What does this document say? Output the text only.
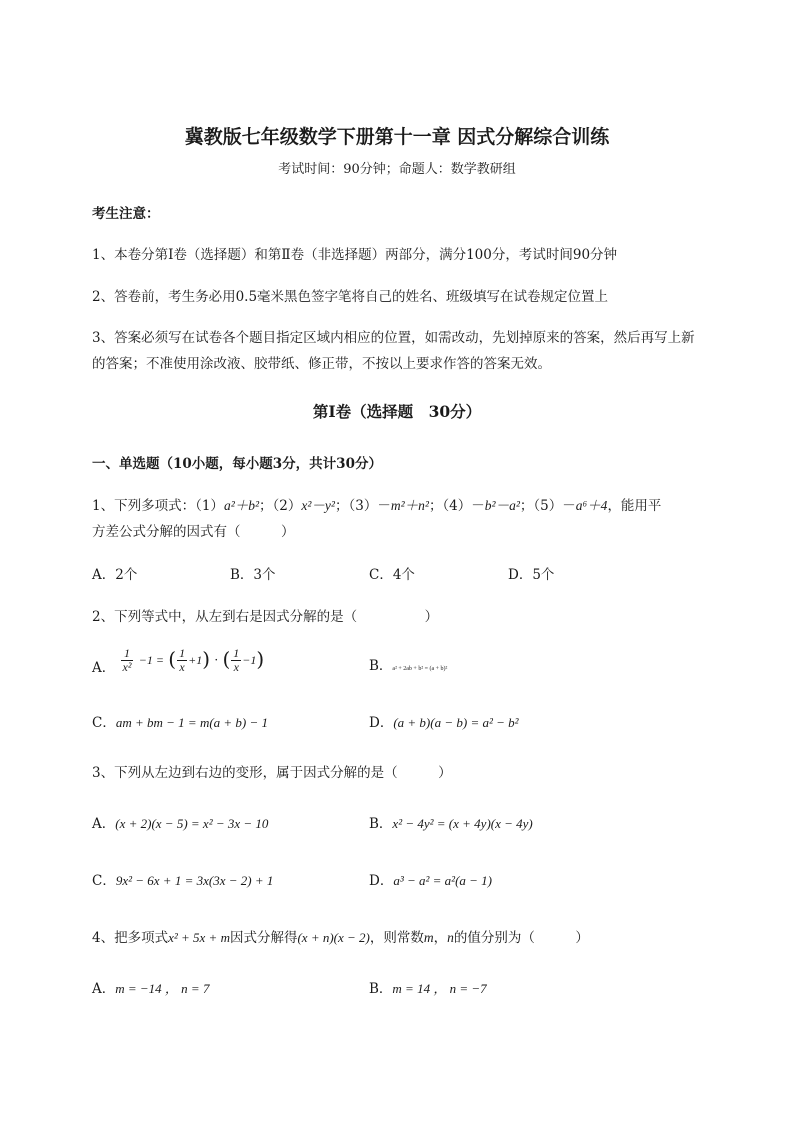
冀教版七年级数学下册第十一章 因式分解综合训练
考试时间：90分钟；命题人：数学教研组
考生注意：
1、本卷分第Ⅰ卷（选择题）和第Ⅱ卷（非选择题）两部分，满分100分，考试时间90分钟
2、答卷前，考生务必用0.5毫米黑色签字笔将自己的姓名、班级填写在试卷规定位置上
3、答案必须写在试卷各个题目指定区域内相应的位置，如需改动，先划掉原来的答案，然后再写上新
的答案；不准使用涂改液、胶带纸、修正带，不按以上要求作答的答案无效。
第Ⅰ卷（选择题　30分）
一、单选题（10小题，每小题3分，共计30分）
1、下列多项式：（1）a²＋b²；（2）x²－y²；（3）－m²＋n²；（4）－b²－a²；（5）－a⁶＋4，能用平
方差公式分解的因式有（　　　）
A．2个	B．3个	C．4个	D．5个
2、下列等式中，从左到右是因式分解的是（　　　　　）
A． $\frac{1}{\text{x²}} -1$ = ( $\frac{1}{x} +1$) · ( $\frac{1}{x} -1$)	B．a² + 2ab + b² = (a + b)²
C．am + bm − 1 = m(a + b) − 1	D．(a + b)(a − b) = a² − b²
3、下列从左边到右边的变形，属于因式分解的是（　　　）
A．(x + 2)(x − 5) = x² − 3x − 10	B．x² − 4y² = (x + 4y)(x − 4y)
C．9x² − 6x + 1 = 3x(3x − 2) + 1	D．a³ − a² = a²(a − 1)
4、把多项式x² + 5x + m因式分解得(x + n)(x − 2)，则常数m，n的值分别为（　　　）
A．m = −14 ， n = 7	B．m = 14 ， n = −7
